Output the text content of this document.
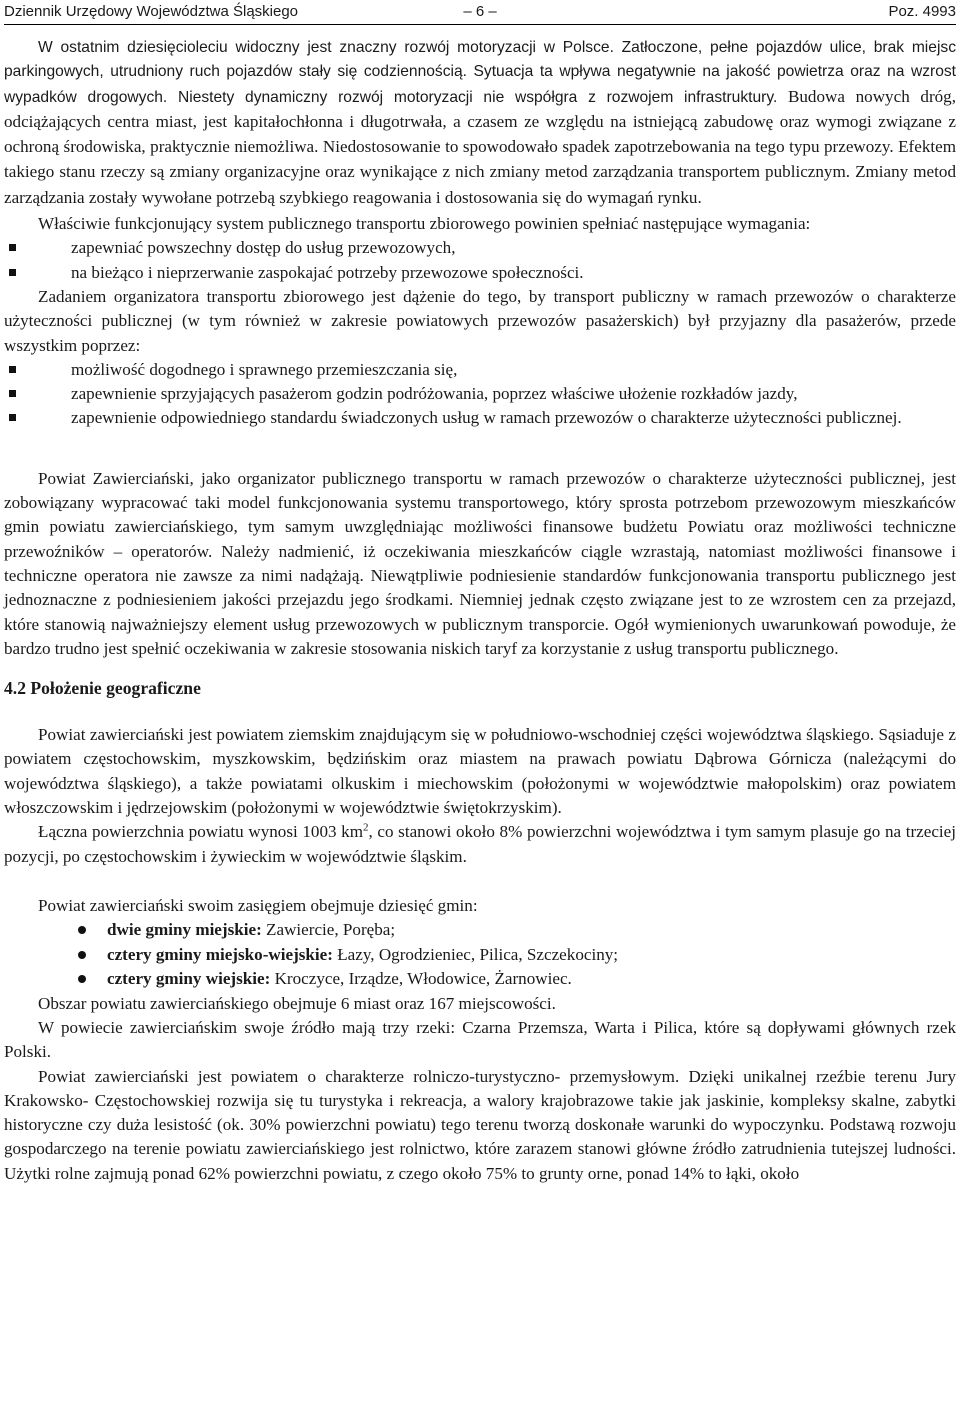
Dziennik Urzędowy Województwa Śląskiego	– 6 –	Poz. 4993

W ostatnim dziesięcioleciu widoczny jest znaczny rozwój motoryzacji w Polsce. Zatłoczone, pełne pojazdów ulice, brak miejsc parkingowych, utrudniony ruch pojazdów stały się codziennością. Sytuacja ta wpływa negatywnie na jakość powietrza oraz na wzrost wypadków drogowych. Niestety dynamiczny rozwój motoryzacji nie współgra z rozwojem infrastruktury. Budowa nowych dróg, odciążających centra miast, jest kapitałochłonna i długotrwała, a czasem ze względu na istniejącą zabudowę oraz wymogi związane z ochroną środowiska, praktycznie niemożliwa. Niedostosowanie to spowodowało spadek zapotrzebowania na tego typu przewozy. Efektem takiego stanu rzeczy są zmiany organizacyjne oraz wynikające z nich zmiany metod zarządzania transportem publicznym. Zmiany metod zarządzania zostały wywołane potrzebą szybkiego reagowania i dostosowania się do wymagań rynku.

Właściwie funkcjonujący system publicznego transportu zbiorowego powinien spełniać następujące wymagania:

zapewniać powszechny dostęp do usług przewozowych,
na bieżąco i nieprzerwanie zaspokajać potrzeby przewozowe społeczności.

Zadaniem organizatora transportu zbiorowego jest dążenie do tego, by transport publiczny w ramach przewozów o charakterze użyteczności publicznej (w tym również w zakresie powiatowych przewozów pasażerskich) był przyjazny dla pasażerów, przede wszystkim poprzez:

możliwość dogodnego i sprawnego przemieszczania się,
zapewnienie sprzyjających pasażerom godzin podróżowania, poprzez właściwe ułożenie rozkładów jazdy,
zapewnienie odpowiedniego standardu świadczonych usług w ramach przewozów o charakterze użyteczności publicznej.

Powiat Zawierciański, jako organizator publicznego transportu w ramach przewozów o charakterze użyteczności publicznej, jest zobowiązany wypracować taki model funkcjonowania systemu transportowego, który sprosta potrzebom przewozowym mieszkańców gmin powiatu zawierciańskiego, tym samym uwzględniając możliwości finansowe budżetu Powiatu oraz możliwości techniczne przewoźników – operatorów. Należy nadmienić, iż oczekiwania mieszkańców ciągle wzrastają, natomiast możliwości finansowe i techniczne operatora nie zawsze za nimi nadążają. Niewątpliwie podniesienie standardów funkcjonowania transportu publicznego jest jednoznaczne z podniesieniem jakości przejazdu jego środkami. Niemniej jednak często związane jest to ze wzrostem cen za przejazd, które stanowią najważniejszy element usług przewozowych w publicznym transporcie. Ogół wymienionych uwarunkowań powoduje, że bardzo trudno jest spełnić oczekiwania w zakresie stosowania niskich taryf za korzystanie z usług transportu publicznego.

4.2 Położenie geograficzne

Powiat zawierciański jest powiatem ziemskim znajdującym się w południowo-wschodniej części województwa śląskiego. Sąsiaduje z powiatem częstochowskim, myszkowskim, będzińskim oraz miastem na prawach powiatu Dąbrowa Górnicza (należącymi do województwa śląskiego), a także powiatami olkuskim i miechowskim (położonymi w województwie małopolskim) oraz powiatem włoszczowskim i jędrzejowskim (położonymi w województwie świętokrzyskim).

Łączna powierzchnia powiatu wynosi 1003 $km^2$, co stanowi około 8% powierzchni województwa i tym samym plasuje go na trzeciej pozycji, po częstochowskim i żywieckim w województwie śląskim.

Powiat zawierciański swoim zasięgiem obejmuje dziesięć gmin:

dwie gminy miejskie: Zawiercie, Poręba;
cztery gminy miejsko-wiejskie: Łazy, Ogrodzieniec, Pilica, Szczekociny;
cztery gminy wiejskie: Kroczyce, Irządze, Włodowice, Żarnowiec.

Obszar powiatu zawierciańskiego obejmuje 6 miast oraz 167 miejscowości.

W powiecie zawierciańskim swoje źródło mają trzy rzeki: Czarna Przemsza, Warta i Pilica, które są dopływami głównych rzek Polski.

Powiat zawierciański jest powiatem o charakterze rolniczo-turystyczno- przemysłowym. Dzięki unikalnej rzeźbie terenu Jury Krakowsko- Częstochowskiej rozwija się tu turystyka i rekreacja, a walory krajobrazowe takie jak jaskinie, kompleksy skalne, zabytki historyczne czy duża lesistość (ok. 30% powierzchni powiatu) tego terenu tworzą doskonałe warunki do wypoczynku. Podstawą rozwoju gospodarczego na terenie powiatu zawierciańskiego jest rolnictwo, które zarazem stanowi główne źródło zatrudnienia tutejszej ludności. Użytki rolne zajmują ponad 62% powierzchni powiatu, z czego około 75% to grunty orne, ponad 14% to łąki, około
